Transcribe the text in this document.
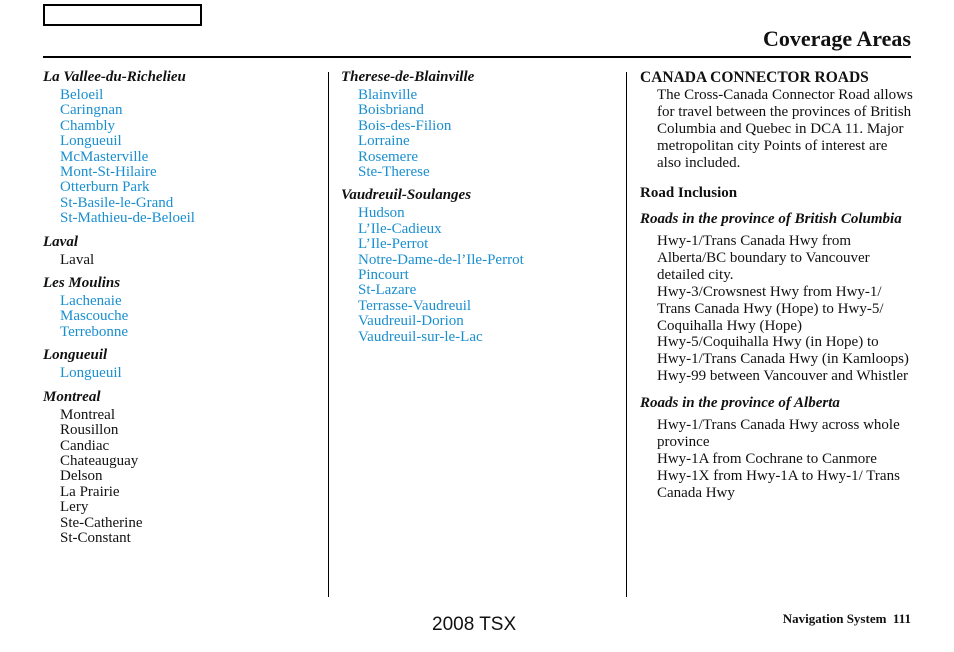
Coverage Areas

La Vallee-du-Richelieu

Beloeil
Caringnan
Chambly
Longueuil
McMasterville
Mont-St-Hilaire
Otterburn Park
St-Basile-le-Grand
St-Mathieu-de-Beloeil

Laval

Laval

Les Moulins

Lachenaie
Mascouche
Terrebonne

Longueuil

Longueuil

Montreal

Montreal
Rousillon
Candiac
Chateauguay
Delson
La Prairie
Lery
Ste-Catherine
St-Constant

Therese-de-Blainville

Blainville
Boisbriand
Bois-des-Filion
Lorraine
Rosemere
Ste-Therese

Vaudreuil-Soulanges

Hudson
L’Ile-Cadieux
L’Ile-Perrot
Notre-Dame-de-l’Ile-Perrot
Pincourt
St-Lazare
Terrasse-Vaudreuil
Vaudreuil-Dorion
Vaudreuil-sur-le-Lac

CANADA CONNECTOR ROADS

The Cross-Canada Connector Road allows for travel between the provinces of British Columbia and Quebec in DCA 11. Major metropolitan city Points of interest are also included.

Road Inclusion

Roads in the province of British Columbia

Hwy-1/Trans Canada Hwy from Alberta/BC boundary to Vancouver detailed city.
Hwy-3/Crowsnest Hwy from Hwy-1/ Trans Canada Hwy (Hope) to Hwy-5/ Coquihalla Hwy (Hope)
Hwy-5/Coquihalla Hwy (in Hope) to Hwy-1/Trans Canada Hwy (in Kamloops)
Hwy-99 between Vancouver and Whistler

Roads in the province of Alberta

Hwy-1/Trans Canada Hwy across whole province
Hwy-1A from Cochrane to Canmore
Hwy-1X from Hwy-1A to Hwy-1/ Trans Canada Hwy
2008 TSX	Navigation System 111
